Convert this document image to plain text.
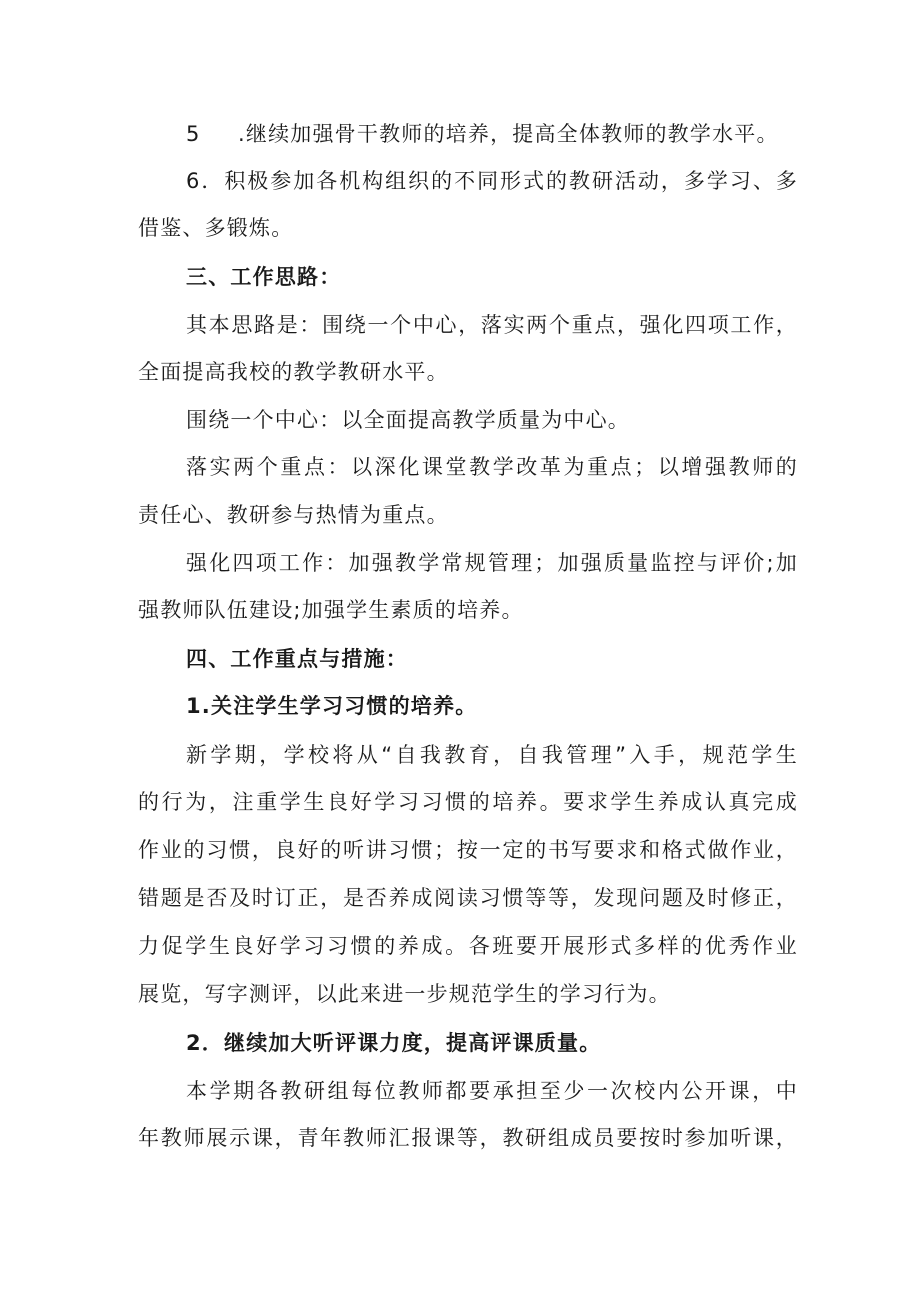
5 .继续加强骨干教师的培养，提高全体教师的教学水平。
6．积极参加各机构组织的不同形式的教研活动，多学习、多
借鉴、多锻炼。
三、工作思路：
其本思路是：围绕一个中心，落实两个重点，强化四项工作，
全面提高我校的教学教研水平。
围绕一个中心：以全面提高教学质量为中心。
落实两个重点：以深化课堂教学改革为重点；以增强教师的
责任心、教研参与热情为重点。
强化四项工作：加强教学常规管理；加强质量监控与评价;加
强教师队伍建设;加强学生素质的培养。
四、工作重点与措施：
1.关注学生学习习惯的培养。
新学期，学校将从“自我教育，自我管理”入手，规范学生
的行为，注重学生良好学习习惯的培养。要求学生养成认真完成
作业的习惯，良好的听讲习惯；按一定的书写要求和格式做作业，
错题是否及时订正，是否养成阅读习惯等等，发现问题及时修正，
力促学生良好学习习惯的养成。各班要开展形式多样的优秀作业
展览，写字测评，以此来进一步规范学生的学习行为。
2．继续加大听评课力度，提高评课质量。
本学期各教研组每位教师都要承担至少一次校内公开课，中
年教师展示课，青年教师汇报课等，教研组成员要按时参加听课，
